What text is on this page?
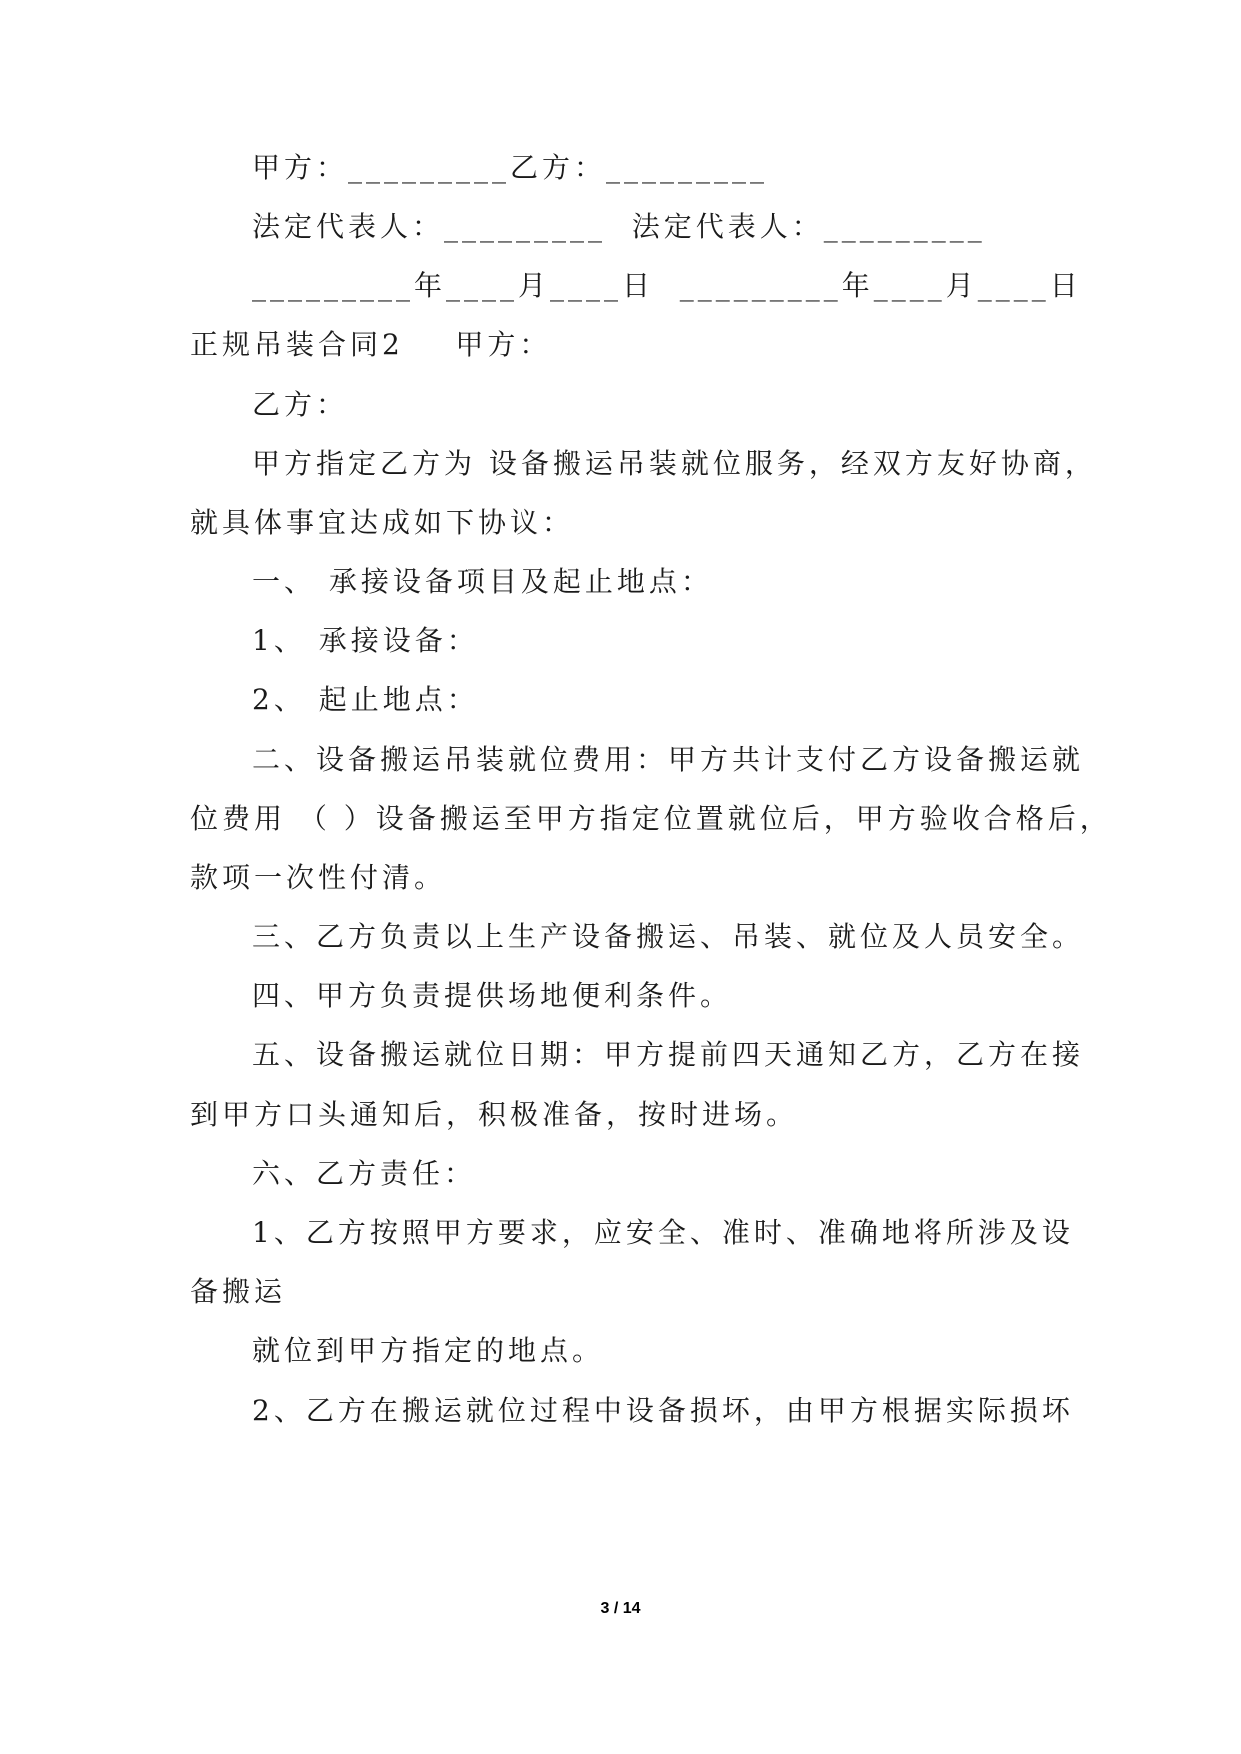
甲方：_________乙方：_________
法定代表人：_________  法定代表人：_________
_________年____月____日  _________年____月____日
正规吊装合同2    甲方：
乙方：
甲方指定乙方为 设备搬运吊装就位服务，经双方友好协商，
就具体事宜达成如下协议：
一、 承接设备项目及起止地点：
1、 承接设备：
2、 起止地点：
二、设备搬运吊装就位费用：甲方共计支付乙方设备搬运就
位费用 （ ）设备搬运至甲方指定位置就位后，甲方验收合格后，
款项一次性付清。
三、乙方负责以上生产设备搬运、吊装、就位及人员安全。
四、甲方负责提供场地便利条件。
五、设备搬运就位日期：甲方提前四天通知乙方，乙方在接
到甲方口头通知后，积极准备，按时进场。
六、乙方责任：
1、乙方按照甲方要求，应安全、准时、准确地将所涉及设
备搬运
就位到甲方指定的地点。
2、乙方在搬运就位过程中设备损坏，由甲方根据实际损坏
3 / 14
